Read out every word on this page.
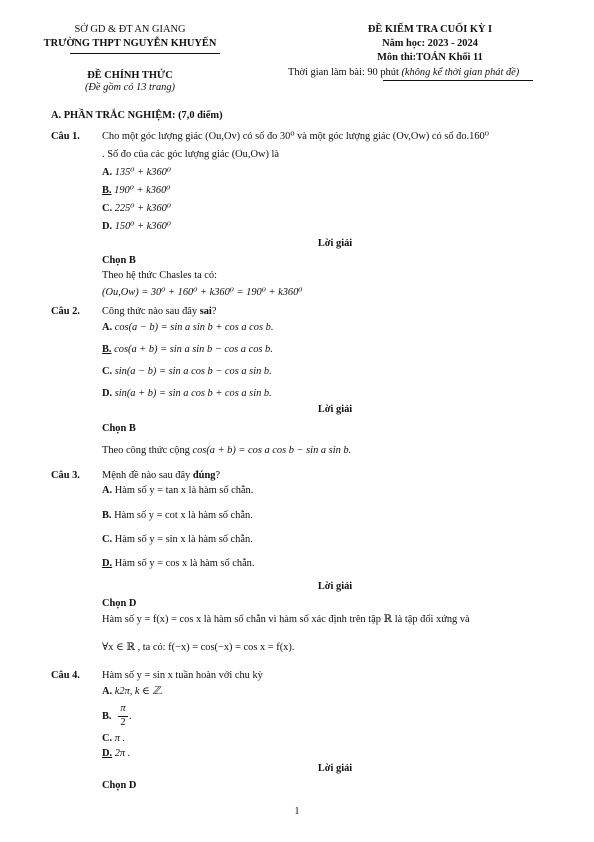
SỞ GD & ĐT AN GIANG
TRƯỜNG THPT NGUYỄN KHUYẾN
ĐỀ CHÍNH THỨC
(Đề gồm có 13 trang)
ĐỀ KIỂM TRA CUỐI KỲ I
Năm học: 2023 - 2024
Môn thi:TOÁN Khối 11
Thời gian làm bài: 90 phút (không kể thời gian phát đề)
A. PHẦN TRẮC NGHIỆM: (7,0 điểm)
Câu 1. Cho một góc lượng giác (Ou,Ov) có số đo 30⁰ và một góc lượng giác (Ov,Ow) có số đo.160⁰
. Số đo của các góc lượng giác (Ou,Ow) là
A. 135⁰ + k360⁰
B. 190⁰ + k360⁰
C. 225⁰ + k360⁰
D. 150⁰ + k360⁰
Lời giải
Chọn B
Theo hệ thức Chasles ta có:
(Ou,Ow) = 30⁰ + 160⁰ + k360⁰ = 190⁰ + k360⁰
Câu 2. Công thức nào sau đây sai?
A. cos(a − b) = sin a sin b + cos a cos b.
B. cos(a + b) = sin a sin b − cos a cos b.
C. sin(a − b) = sin a cos b − cos a sin b.
D. sin(a + b) = sin a cos b + cos a sin b.
Lời giải
Chọn B
Theo công thức cộng cos(a + b) = cos a cos b − sin a sin b.
Câu 3. Mệnh đề nào sau đây đúng?
A. Hàm số y = tan x là hàm số chẵn.
B. Hàm số y = cot x là hàm số chẵn.
C. Hàm số y = sin x là hàm số chẵn.
D. Hàm số y = cos x là hàm số chẵn.
Lời giải
Chọn D
Hàm số y = f(x) = cos x là hàm số chẵn vì hàm số xác định trên tập ℝ là tập đối xứng và
∀x ∈ ℝ , ta có: f(−x) = cos(−x) = cos x = f(x).
Câu 4. Hàm số y = sin x tuần hoàn với chu kỳ
A. k2π, k ∈ ℤ.
B.
π
2
.
C. π .
D. 2π .
Lời giải
Chọn D
1
